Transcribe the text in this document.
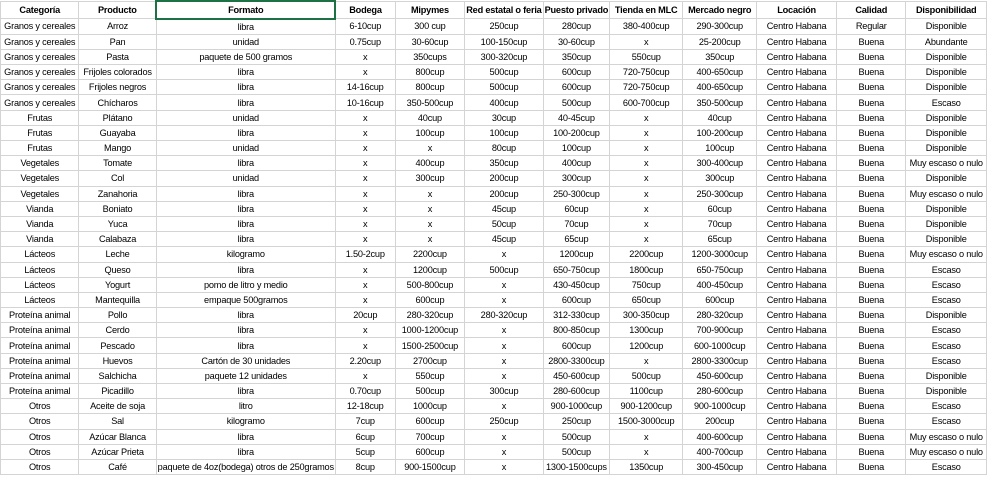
Categoría	Producto	Formato	Bodega	Mipymes	Red estatal o feria	Puesto privado	Tienda en MLC	Mercado negro	Locación	Calidad	Disponibilidad
Granos y cereales	Arroz	libra	6-10cup	300 cup	250cup	280cup	380-400cup	290-300cup	Centro Habana	Regular	Disponible
Granos y cereales	Pan	unidad	0.75cup	30-60cup	100-150cup	30-60cup	x	25-200cup	Centro Habana	Buena	Abundante
Granos y cereales	Pasta	paquete de 500 gramos	x	350cups	300-320cup	350cup	550cup	350cup	Centro Habana	Buena	Disponible
Granos y cereales	Frijoles colorados	libra	x	800cup	500cup	600cup	720-750cup	400-650cup	Centro Habana	Buena	Disponible
Granos y cereales	Frijoles negros	libra	14-16cup	800cup	500cup	600cup	720-750cup	400-650cup	Centro Habana	Buena	Disponible
Granos y cereales	Chícharos	libra	10-16cup	350-500cup	400cup	500cup	600-700cup	350-500cup	Centro Habana	Buena	Escaso
Frutas	Plátano	unidad	x	40cup	30cup	40-45cup	x	40cup	Centro Habana	Buena	Disponible
Frutas	Guayaba	libra	x	100cup	100cup	100-200cup	x	100-200cup	Centro Habana	Buena	Disponible
Frutas	Mango	unidad	x	x	80cup	100cup	x	100cup	Centro Habana	Buena	Disponible
Vegetales	Tomate	libra	x	400cup	350cup	400cup	x	300-400cup	Centro Habana	Buena	Muy escaso o nulo
Vegetales	Col	unidad	x	300cup	200cup	300cup	x	300cup	Centro Habana	Buena	Disponible
Vegetales	Zanahoria	libra	x	x	200cup	250-300cup	x	250-300cup	Centro Habana	Buena	Muy escaso o nulo
Vianda	Boniato	libra	x	x	45cup	60cup	x	60cup	Centro Habana	Buena	Disponible
Vianda	Yuca	libra	x	x	50cup	70cup	x	70cup	Centro Habana	Buena	Disponible
Vianda	Calabaza	libra	x	x	45cup	65cup	x	65cup	Centro Habana	Buena	Disponible
Lácteos	Leche	kilogramo	1.50-2cup	2200cup	x	1200cup	2200cup	1200-3000cup	Centro Habana	Buena	Muy escaso o nulo
Lácteos	Queso	libra	x	1200cup	500cup	650-750cup	1800cup	650-750cup	Centro Habana	Buena	Escaso
Lácteos	Yogurt	pomo de litro y medio	x	500-800cup	x	430-450cup	750cup	400-450cup	Centro Habana	Buena	Escaso
Lácteos	Mantequilla	empaque 500gramos	x	600cup	x	600cup	650cup	600cup	Centro Habana	Buena	Escaso
Proteína animal	Pollo	libra	20cup	280-320cup	280-320cup	312-330cup	300-350cup	280-320cup	Centro Habana	Buena	Disponible
Proteína animal	Cerdo	libra	x	1000-1200cup	x	800-850cup	1300cup	700-900cup	Centro Habana	Buena	Escaso
Proteína animal	Pescado	libra	x	1500-2500cup	x	600cup	1200cup	600-1000cup	Centro Habana	Buena	Escaso
Proteína animal	Huevos	Cartón de 30 unidades	2.20cup	2700cup	x	2800-3300cup	x	2800-3300cup	Centro Habana	Buena	Escaso
Proteína animal	Salchicha	paquete 12 unidades	x	550cup	x	450-600cup	500cup	450-600cup	Centro Habana	Buena	Disponible
Proteína animal	Picadillo	libra	0.70cup	500cup	300cup	280-600cup	1100cup	280-600cup	Centro Habana	Buena	Disponible
Otros	Aceite de soja	litro	12-18cup	1000cup	x	900-1000cup	900-1200cup	900-1000cup	Centro Habana	Buena	Escaso
Otros	Sal	kilogramo	7cup	600cup	250cup	250cup	1500-3000cup	200cup	Centro Habana	Buena	Escaso
Otros	Azúcar Blanca	libra	6cup	700cup	x	500cup	x	400-600cup	Centro Habana	Buena	Muy escaso o nulo
Otros	Azúcar Prieta	libra	5cup	600cup	x	500cup	x	400-700cup	Centro Habana	Buena	Muy escaso o nulo
Otros	Café	paquete de 4oz(bodega) otros de 250gramos	8cup	900-1500cup	x	1300-1500cups	1350cup	300-450cup	Centro Habana	Buena	Escaso
